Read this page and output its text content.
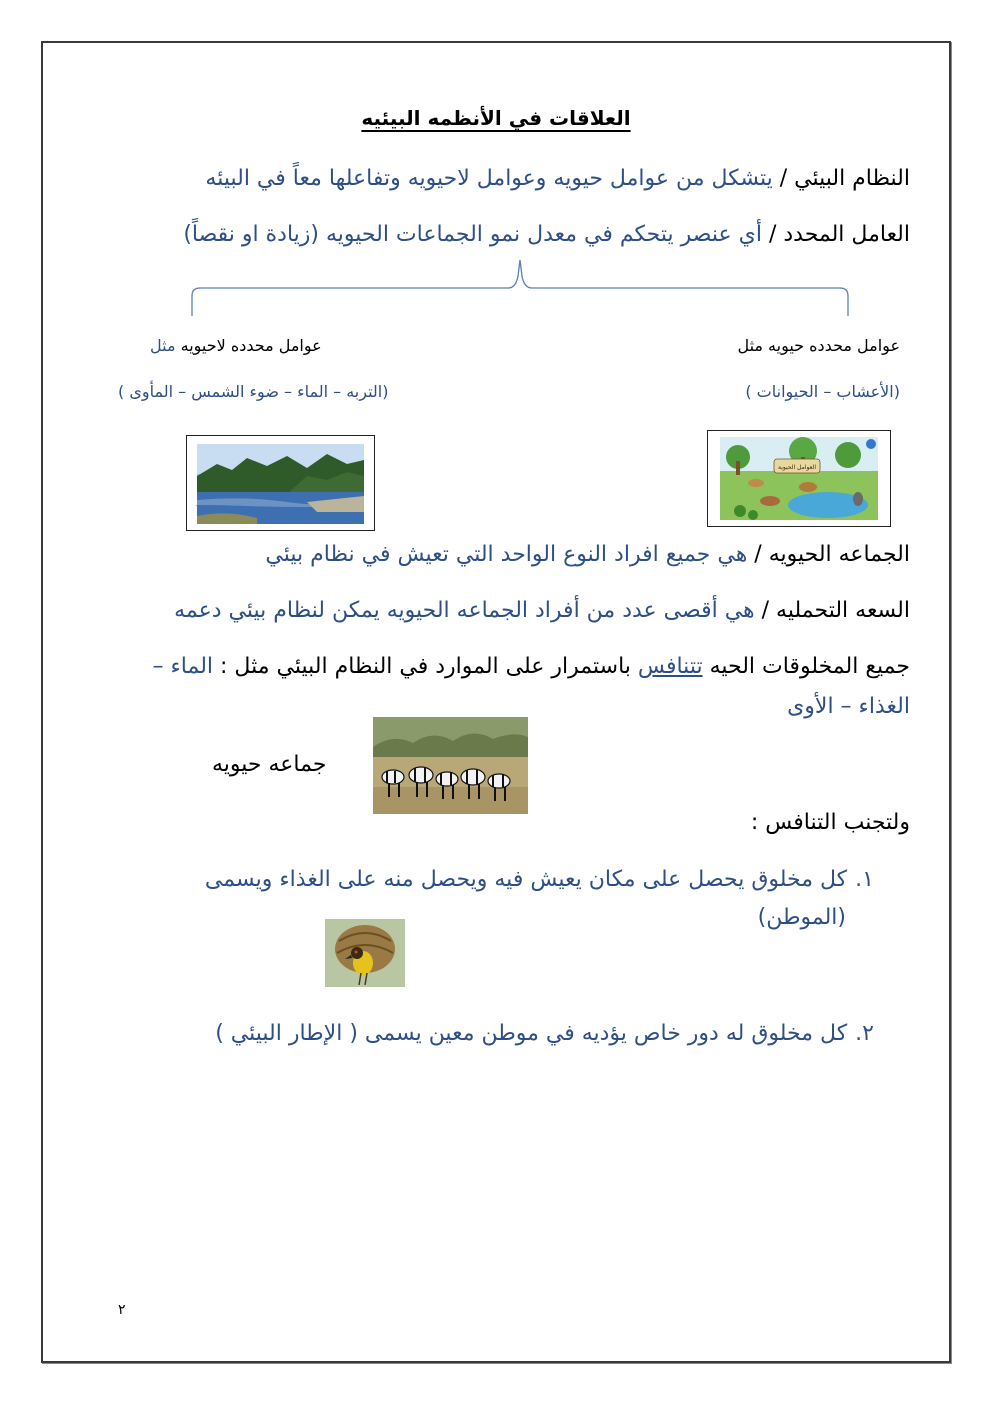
العلاقات في الأنظمه البيئيه
النظام البيئي / يتشكل من عوامل حيويه وعوامل لاحيويه وتفاعلها معاً في البيئه
العامل المحدد / أي عنصر يتحكم في معدل نمو الجماعات الحيويه (زيادة او نقصاً)
عوامل محدده حيويه مثل
(الأعشاب – الحيوانات )
عوامل محدده لاحيويه مثل
(التربه – الماء – ضوء الشمس – المأوى )
العوامل الحيوية
الجماعه الحيويه / هي جميع افراد النوع الواحد التي تعيش في نظام بيئي
السعه التحمليه / هي أقصى عدد من أفراد الجماعه الحيويه يمكن لنظام بيئي دعمه
جميع المخلوقات الحيه تتنافس باستمرار على الموارد في النظام البيئي مثل : الماء –
الغذاء – الأوى
جماعه حيويه
ولتجنب التنافس :
١.كل مخلوق يحصل على مكان يعيش فيه ويحصل منه على الغذاء ويسمى
(الموطن)
٢.كل مخلوق له دور خاص يؤديه في موطن معين يسمى ( الإطار البيئي )
٢
